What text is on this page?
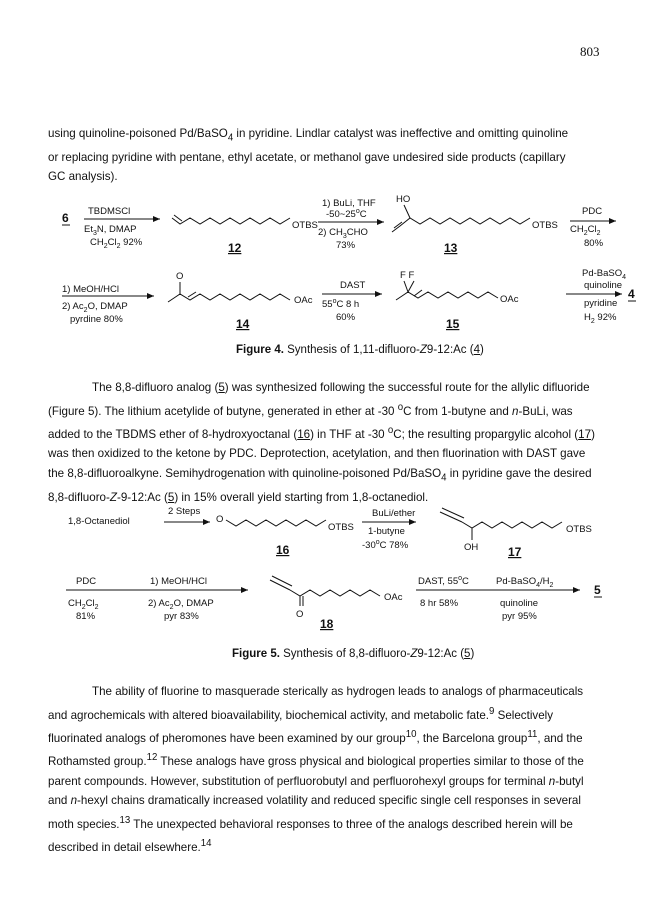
803

using quinoline-poisoned Pd/BaSO$_4$ in pyridine. Lindlar catalyst was ineffective and omitting quinoline

or replacing pyridine with pentane, ethyl acetate, or methanol gave undesired side products (capillary

GC analysis).

6 TBDMSCl
$Et_3N$, DMAP
$CH_2Cl_2$ 92%
OTBS
12
1) BuLi, THF
-50~25$^o$C
2) $CH_3CHO$
73%
HO
OTBS
13
PDC
$CH_2Cl_2$
80%
1) MeOH/HCl
2) $Ac_2O$, DMAP
pyrdine 80%
O
OAc
14
DAST
55$^o$C 8 h
60%
F F
OAc
15
Pd-BaSO$_4$
quinoline
pyridine
$H_2$ 92%
4
Figure 4. Synthesis of 1,11-difluoro-Z9-12:Ac (4)

The 8,8-difluoro analog (5) was synthesized following the successful route for the allylic difluoride

(Figure 5). The lithium acetylide of butyne, generated in ether at -30 $^o$C from 1-butyne and n-BuLi, was

added to the TBDMS ether of 8-hydroxyoctanal (16) in THF at -30 $^o$C; the resulting propargylic alcohol (17)

was then oxidized to the ketone by PDC. Deprotection, acetylation, and then fluorination with DAST gave

the 8,8-difluoroalkyne. Semihydrogenation with quinoline-poisoned Pd/BaSO$_4$ in pyridine gave the desired

8,8-difluoro-Z-9-12:Ac (5) in 15% overall yield starting from 1,8-octanediol.

1,8-Octanediol
2 Steps
O
OTBS
16
BuLi/ether
1-butyne
-30$^o$C 78%	OH
OTBS
17
PDC
$CH_2Cl_2$
81%
1) MeOH/HCl
2) $Ac_2O$, DMAP
pyr 83%	O
OAc
18
DAST, 55$^o$C
8 hr 58%
$Pd-BaSO_4/H_2$
quinoline
pyr 95%
5
Figure 5. Synthesis of 8,8-difluoro-Z9-12:Ac (5)

The ability of fluorine to masquerade sterically as hydrogen leads to analogs of pharmaceuticals

and agrochemicals with altered bioavailability, biochemical activity, and metabolic fate.$^9$ Selectively

fluorinated analogs of pheromones have been examined by our group$^{10}$, the Barcelona group$^{11}$, and the

Rothamsted group.$^{12}$ These analogs have gross physical and biological properties similar to those of the

parent compounds. However, substitution of perfluorobutyl and perfluorohexyl groups for terminal n-butyl

and n-hexyl chains dramatically increased volatility and reduced specific single cell responses in several

moth species.$^{13}$ The unexpected behavioral responses to three of the analogs described herein will be

described in detail elsewhere.$^{14}$
